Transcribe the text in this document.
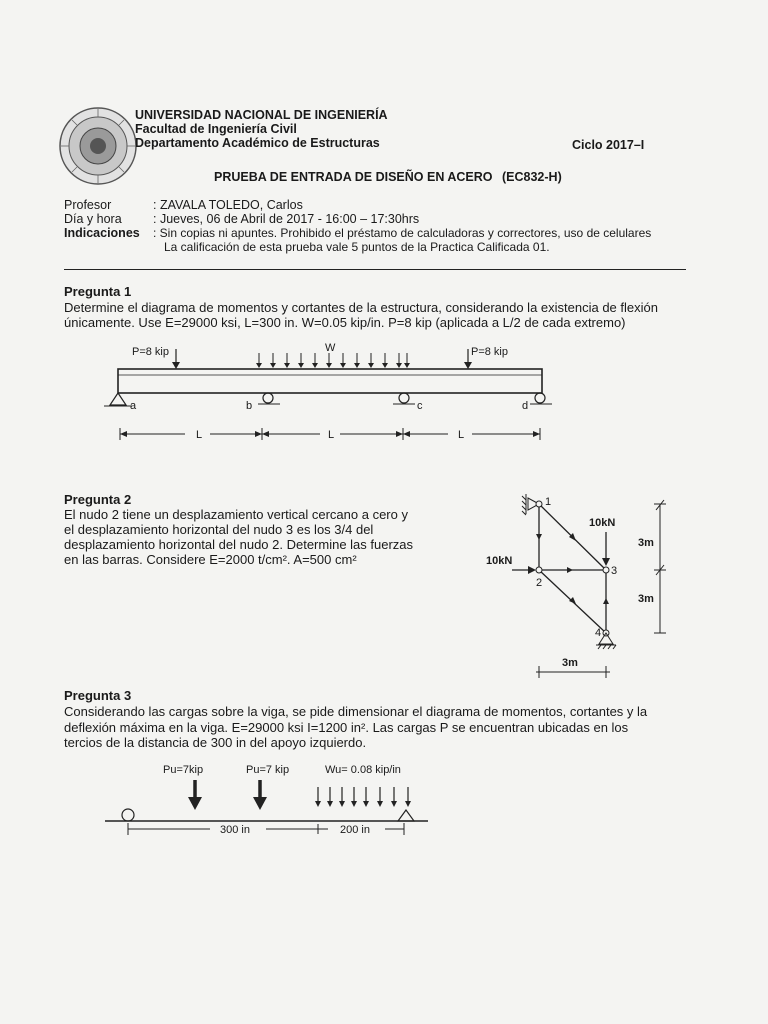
UNIVERSIDAD NACIONAL DE INGENIERÍA
Facultad de Ingeniería Civil
Departamento Académico de Estructuras	Ciclo 2017–I
PRUEBA DE ENTRADA DE DISEÑO EN ACERO (EC832-H)
Profesor	: ZAVALA TOLEDO, Carlos
Día y hora	: Jueves, 06 de Abril de 2017 - 16:00 – 17:30hrs
Indicaciones : Sin copias ni apuntes. Prohibido el préstamo de calculadoras y correctores, uso de celulares
La calificación de esta prueba vale 5 puntos de la Practica Calificada 01.
Pregunta 1
Determine el diagrama de momentos y cortantes de la estructura, considerando la existencia de flexión
únicamente. Use E=29000 ksi, L=300 in. W=0.05 kip/in. P=8 kip (aplicada a L/2 de cada extremo)
P=8 kip	P=8 kip
W
a	b	c	d
L	L	L
Pregunta 2
El nudo 2 tiene un desplazamiento vertical cercano a cero y
el desplazamiento horizontal del nudo 3 es los 3/4 del
desplazamiento horizontal del nudo 2. Determine las fuerzas
en las barras. Considere E=2000 t/cm². A=500 cm²
1
2
3
4
10kN
10kN
3m
3m
3m
Pregunta 3
Considerando las cargas sobre la viga, se pide dimensionar el diagrama de momentos, cortantes y la
deflexión máxima en la viga. E=29000 ksi I=1200 in². Las cargas P se encuentran ubicadas en los
tercios de la distancia de 300 in del apoyo izquierdo.
Pu=7kip	Pu=7 kip	Wu= 0.08 kip/in
300 in	200 in
